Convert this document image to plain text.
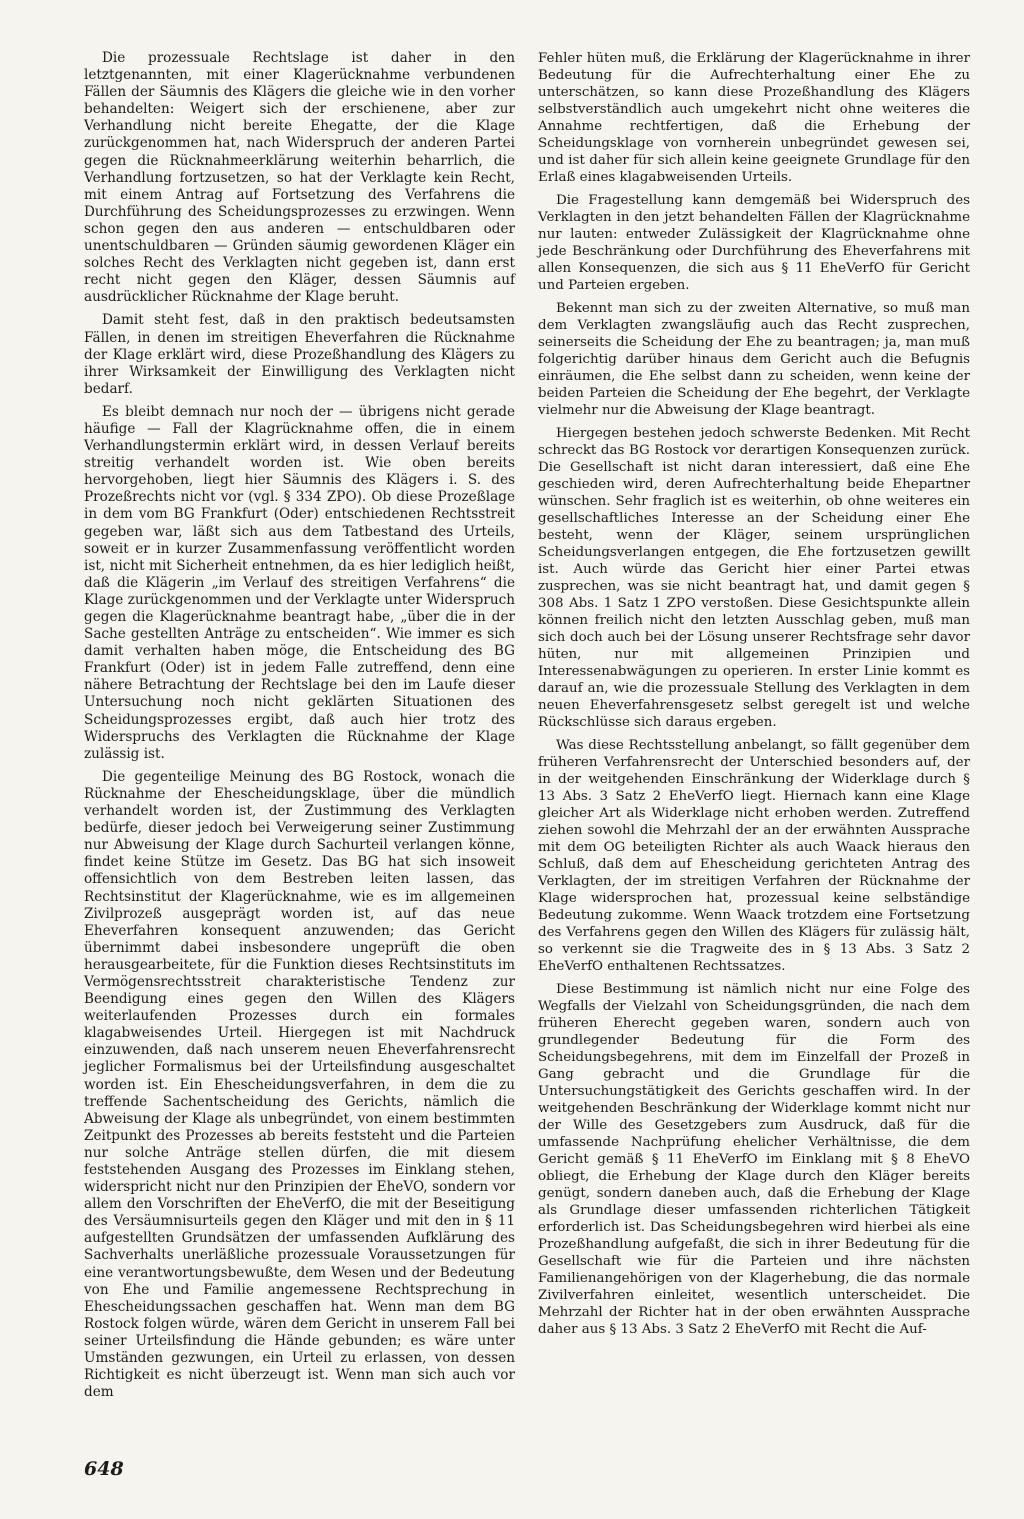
Die prozessuale Rechtslage ist daher in den letztgenannten, mit einer Klagerücknahme verbundenen Fällen der Säumnis des Klägers die gleiche wie in den vorher behandelten: Weigert sich der erschienene, aber zur Verhandlung nicht bereite Ehegatte, der die Klage zurückgenommen hat, nach Widerspruch der anderen Partei gegen die Rücknahmeerklärung weiterhin beharrlich, die Verhandlung fortzusetzen, so hat der Verklagte kein Recht, mit einem Antrag auf Fortsetzung des Verfahrens die Durchführung des Scheidungsprozesses zu erzwingen. Wenn schon gegen den aus anderen — entschuldbaren oder unentschuldbaren — Gründen säumig gewordenen Kläger ein solches Recht des Verklagten nicht gegeben ist, dann erst recht nicht gegen den Kläger, dessen Säumnis auf ausdrücklicher Rücknahme der Klage beruht.

Damit steht fest, daß in den praktisch bedeutsamsten Fällen, in denen im streitigen Eheverfahren die Rücknahme der Klage erklärt wird, diese Prozeßhandlung des Klägers zu ihrer Wirksamkeit der Einwilligung des Verklagten nicht bedarf.

Es bleibt demnach nur noch der — übrigens nicht gerade häufige — Fall der Klagrücknahme offen, die in einem Verhandlungstermin erklärt wird, in dessen Verlauf bereits streitig verhandelt worden ist. Wie oben bereits hervorgehoben, liegt hier Säumnis des Klägers i. S. des Prozeßrechts nicht vor (vgl. § 334 ZPO). Ob diese Prozeßlage in dem vom BG Frankfurt (Oder) entschiedenen Rechtsstreit gegeben war, läßt sich aus dem Tatbestand des Urteils, soweit er in kurzer Zusammenfassung veröffentlicht worden ist, nicht mit Sicherheit entnehmen, da es hier lediglich heißt, daß die Klägerin „im Verlauf des streitigen Verfahrens“ die Klage zurückgenommen und der Verklagte unter Widerspruch gegen die Klagerücknahme beantragt habe, „über die in der Sache gestellten Anträge zu entscheiden“. Wie immer es sich damit verhalten haben möge, die Entscheidung des BG Frankfurt (Oder) ist in jedem Falle zutreffend, denn eine nähere Betrachtung der Rechtslage bei den im Laufe dieser Untersuchung noch nicht geklärten Situationen des Scheidungsprozesses ergibt, daß auch hier trotz des Widerspruchs des Verklagten die Rücknahme der Klage zulässig ist.

Die gegenteilige Meinung des BG Rostock, wonach die Rücknahme der Ehescheidungsklage, über die mündlich verhandelt worden ist, der Zustimmung des Verklagten bedürfe, dieser jedoch bei Verweigerung seiner Zustimmung nur Abweisung der Klage durch Sachurteil verlangen könne, findet keine Stütze im Gesetz. Das BG hat sich insoweit offensichtlich von dem Bestreben leiten lassen, das Rechtsinstitut der Klagerücknahme, wie es im allgemeinen Zivilprozeß ausgeprägt worden ist, auf das neue Eheverfahren konsequent anzuwenden; das Gericht übernimmt dabei insbesondere ungeprüft die oben herausgearbeitete, für die Funktion dieses Rechtsinstituts im Vermögensrechtsstreit charakteristische Tendenz zur Beendigung eines gegen den Willen des Klägers weiterlaufenden Prozesses durch ein formales klagabweisendes Urteil. Hiergegen ist mit Nachdruck einzuwenden, daß nach unserem neuen Eheverfahrensrecht jeglicher Formalismus bei der Urteilsfindung ausgeschaltet worden ist. Ein Ehescheidungsverfahren, in dem die zu treffende Sachentscheidung des Gerichts, nämlich die Abweisung der Klage als unbegründet, von einem bestimmten Zeitpunkt des Prozesses ab bereits feststeht und die Parteien nur solche Anträge stellen dürfen, die mit diesem feststehenden Ausgang des Prozesses im Einklang stehen, widerspricht nicht nur den Prinzipien der EheVO, sondern vor allem den Vorschriften der EheVerfO, die mit der Beseitigung des Versäumnisurteils gegen den Kläger und mit den in § 11 aufgestellten Grundsätzen der umfassenden Aufklärung des Sachverhalts unerläßliche prozessuale Voraussetzungen für eine verantwortungsbewußte, dem Wesen und der Bedeutung von Ehe und Familie angemessene Rechtsprechung in Ehescheidungssachen geschaffen hat. Wenn man dem BG Rostock folgen würde, wären dem Gericht in unserem Fall bei seiner Urteilsfindung die Hände gebunden; es wäre unter Umständen gezwungen, ein Urteil zu erlassen, von dessen Richtigkeit es nicht überzeugt ist. Wenn man sich auch vor dem

Fehler hüten muß, die Erklärung der Klagerücknahme in ihrer Bedeutung für die Aufrechterhaltung einer Ehe zu unterschätzen, so kann diese Prozeßhandlung des Klägers selbstverständlich auch umgekehrt nicht ohne weiteres die Annahme rechtfertigen, daß die Erhebung der Scheidungsklage von vornherein unbegründet gewesen sei, und ist daher für sich allein keine geeignete Grundlage für den Erlaß eines klagabweisenden Urteils.

Die Fragestellung kann demgemäß bei Widerspruch des Verklagten in den jetzt behandelten Fällen der Klagrücknahme nur lauten: entweder Zulässigkeit der Klagrücknahme ohne jede Beschränkung oder Durchführung des Eheverfahrens mit allen Konsequenzen, die sich aus § 11 EheVerfO für Gericht und Parteien ergeben.

Bekennt man sich zu der zweiten Alternative, so muß man dem Verklagten zwangsläufig auch das Recht zusprechen, seinerseits die Scheidung der Ehe zu beantragen; ja, man muß folgerichtig darüber hinaus dem Gericht auch die Befugnis einräumen, die Ehe selbst dann zu scheiden, wenn keine der beiden Parteien die Scheidung der Ehe begehrt, der Verklagte vielmehr nur die Abweisung der Klage beantragt.

Hiergegen bestehen jedoch schwerste Bedenken. Mit Recht schreckt das BG Rostock vor derartigen Konsequenzen zurück. Die Gesellschaft ist nicht daran interessiert, daß eine Ehe geschieden wird, deren Aufrechterhaltung beide Ehepartner wünschen. Sehr fraglich ist es weiterhin, ob ohne weiteres ein gesellschaftliches Interesse an der Scheidung einer Ehe besteht, wenn der Kläger, seinem ursprünglichen Scheidungsverlangen entgegen, die Ehe fortzusetzen gewillt ist. Auch würde das Gericht hier einer Partei etwas zusprechen, was sie nicht beantragt hat, und damit gegen § 308 Abs. 1 Satz 1 ZPO verstoßen. Diese Gesichtspunkte allein können freilich nicht den letzten Ausschlag geben, muß man sich doch auch bei der Lösung unserer Rechtsfrage sehr davor hüten, nur mit allgemeinen Prinzipien und Interessenabwägungen zu operieren. In erster Linie kommt es darauf an, wie die prozessuale Stellung des Verklagten in dem neuen Eheverfahrensgesetz selbst geregelt ist und welche Rückschlüsse sich daraus ergeben.

Was diese Rechtsstellung anbelangt, so fällt gegenüber dem früheren Verfahrensrecht der Unterschied besonders auf, der in der weitgehenden Einschränkung der Widerklage durch § 13 Abs. 3 Satz 2 EheVerfO liegt. Hiernach kann eine Klage gleicher Art als Widerklage nicht erhoben werden. Zutreffend ziehen sowohl die Mehrzahl der an der erwähnten Aussprache mit dem OG beteiligten Richter als auch Waack hieraus den Schluß, daß dem auf Ehescheidung gerichteten Antrag des Verklagten, der im streitigen Verfahren der Rücknahme der Klage widersprochen hat, prozessual keine selbständige Bedeutung zukomme. Wenn Waack trotzdem eine Fortsetzung des Verfahrens gegen den Willen des Klägers für zulässig hält, so verkennt sie die Tragweite des in § 13 Abs. 3 Satz 2 EheVerfO enthaltenen Rechtssatzes.

Diese Bestimmung ist nämlich nicht nur eine Folge des Wegfalls der Vielzahl von Scheidungsgründen, die nach dem früheren Eherecht gegeben waren, sondern auch von grundlegender Bedeutung für die Form des Scheidungsbegehrens, mit dem im Einzelfall der Prozeß in Gang gebracht und die Grundlage für die Untersuchungstätigkeit des Gerichts geschaffen wird. In der weitgehenden Beschränkung der Widerklage kommt nicht nur der Wille des Gesetzgebers zum Ausdruck, daß für die umfassende Nachprüfung ehelicher Verhältnisse, die dem Gericht gemäß § 11 EheVerfO im Einklang mit § 8 EheVO obliegt, die Erhebung der Klage durch den Kläger bereits genügt, sondern daneben auch, daß die Erhebung der Klage als Grundlage dieser umfassenden richterlichen Tätigkeit erforderlich ist. Das Scheidungsbegehren wird hierbei als eine Prozeßhandlung aufgefaßt, die sich in ihrer Bedeutung für die Gesellschaft wie für die Parteien und ihre nächsten Familienangehörigen von der Klagerhebung, die das normale Zivilverfahren einleitet, wesentlich unterscheidet. Die Mehrzahl der Richter hat in der oben erwähnten Aussprache daher aus § 13 Abs. 3 Satz 2 EheVerfO mit Recht die Auf-

648
